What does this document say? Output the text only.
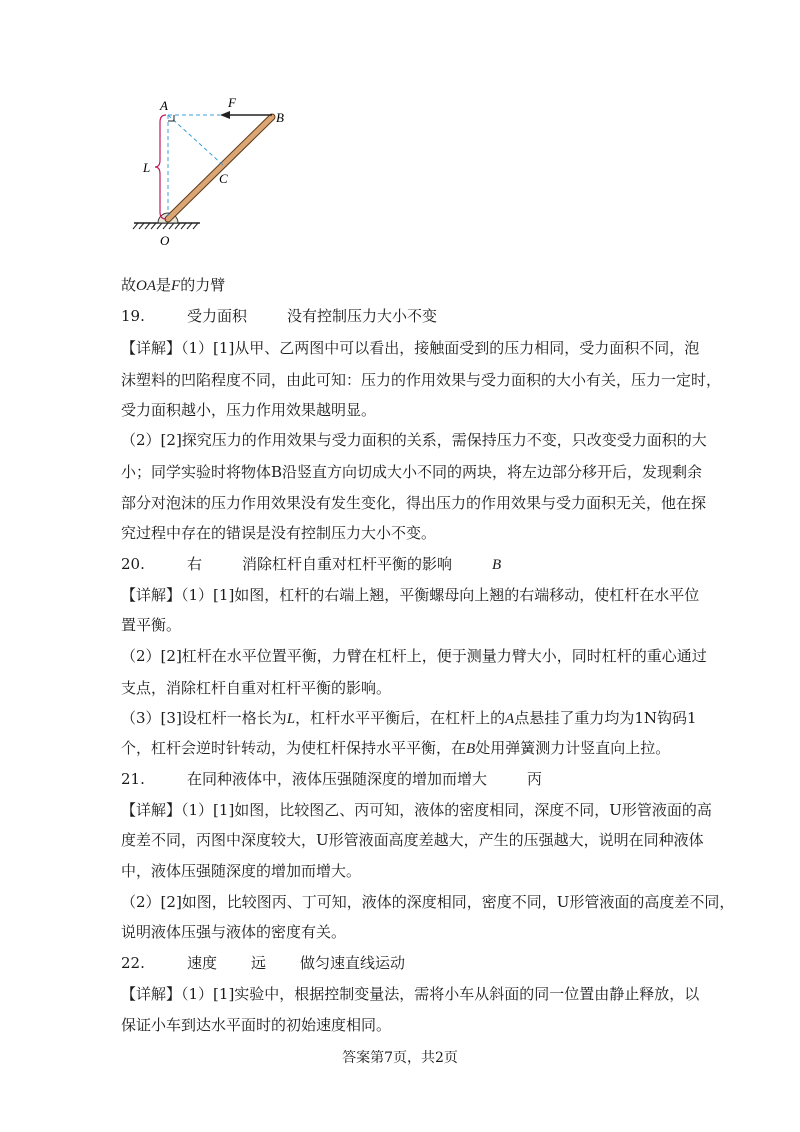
A	F
B
L
C
O
故OA是F的力臂
19.	受力面积	没有控制压力大小不变
【详解】（1）[1]从甲、乙两图中可以看出，接触面受到的压力相同，受力面积不同，泡
沫塑料的凹陷程度不同，由此可知：压力的作用效果与受力面积的大小有关，压力一定时，
受力面积越小，压力作用效果越明显。
（2）[2]探究压力的作用效果与受力面积的关系，需保持压力不变，只改变受力面积的大
小；同学实验时将物体B沿竖直方向切成大小不同的两块，将左边部分移开后，发现剩余
部分对泡沫的压力作用效果没有发生变化，得出压力的作用效果与受力面积无关，他在探
究过程中存在的错误是没有控制压力大小不变。
20.	右	消除杠杆自重对杠杆平衡的影响	B
【详解】（1）[1]如图，杠杆的右端上翘，平衡螺母向上翘的右端移动，使杠杆在水平位
置平衡。
（2）[2]杠杆在水平位置平衡，力臂在杠杆上，便于测量力臂大小，同时杠杆的重心通过
支点，消除杠杆自重对杠杆平衡的影响。
（3）[3]设杠杆一格长为L，杠杆水平平衡后，在杠杆上的A点悬挂了重力均为1N钩码1
个，杠杆会逆时针转动，为使杠杆保持水平平衡，在B处用弹簧测力计竖直向上拉。
21.	在同种液体中，液体压强随深度的增加而增大	丙
【详解】（1）[1]如图，比较图乙、丙可知，液体的密度相同，深度不同，U形管液面的高
度差不同，丙图中深度较大，U形管液面高度差越大，产生的压强越大，说明在同种液体
中，液体压强随深度的增加而增大。
（2）[2]如图，比较图丙、丁可知，液体的深度相同，密度不同，U形管液面的高度差不同，
说明液体压强与液体的密度有关。
22.	速度 远 做匀速直线运动
【详解】（1）[1]实验中，根据控制变量法，需将小车从斜面的同一位置由静止释放，以
保证小车到达水平面时的初始速度相同。
答案第7页，共2页
